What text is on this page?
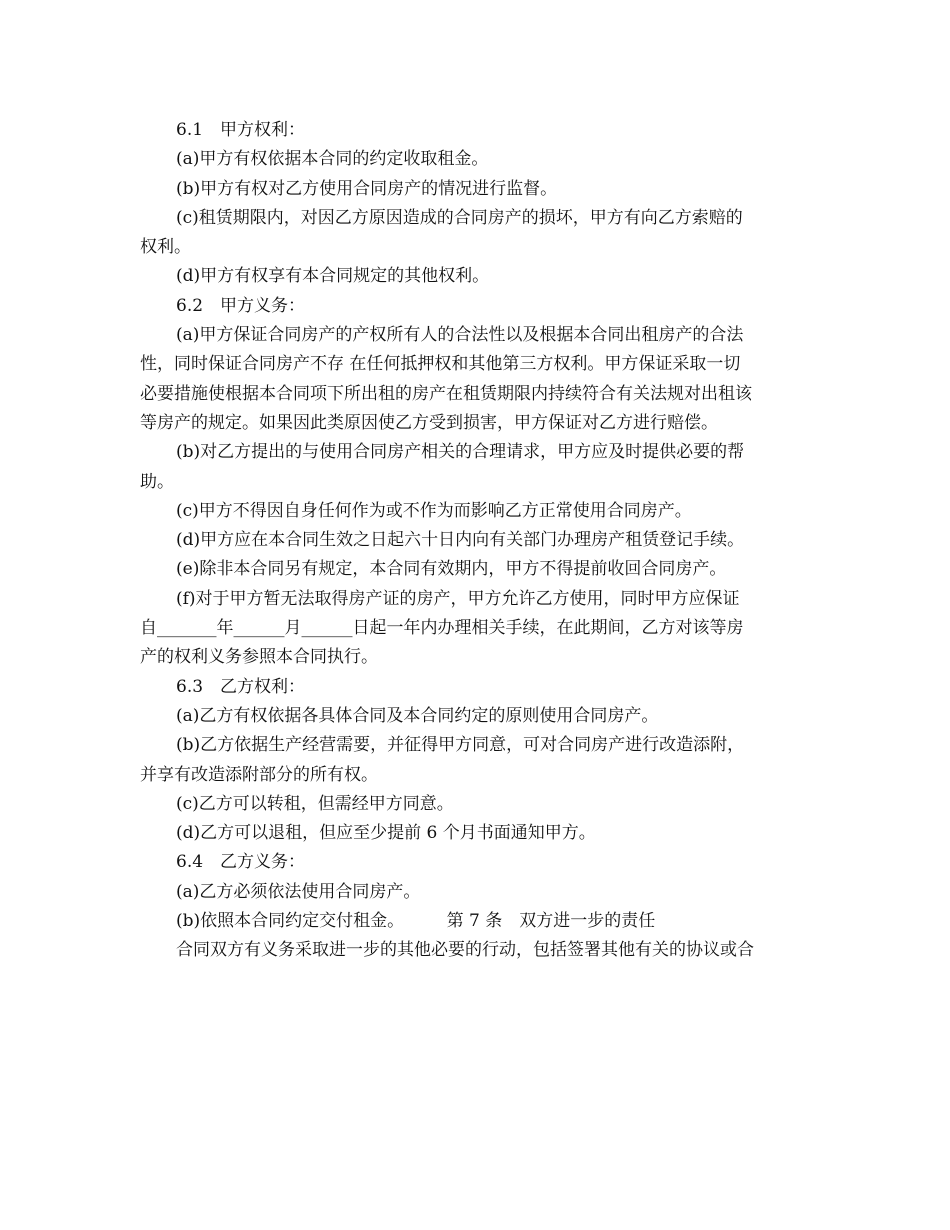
6.1　甲方权利：
(a)甲方有权依据本合同的约定收取租金。
(b)甲方有权对乙方使用合同房产的情况进行监督。
(c)租赁期限内，对因乙方原因造成的合同房产的损坏，甲方有向乙方索赔的
权利。
(d)甲方有权享有本合同规定的其他权利。
6.2　甲方义务：
(a)甲方保证合同房产的产权所有人的合法性以及根据本合同出租房产的合法
性，同时保证合同房产不存 在任何抵押权和其他第三方权利。甲方保证采取一切
必要措施使根据本合同项下所出租的房产在租赁期限内持续符合有关法规对出租该
等房产的规定。如果因此类原因使乙方受到损害，甲方保证对乙方进行赔偿。
(b)对乙方提出的与使用合同房产相关的合理请求，甲方应及时提供必要的帮
助。
(c)甲方不得因自身任何作为或不作为而影响乙方正常使用合同房产。
(d)甲方应在本合同生效之日起六十日内向有关部门办理房产租赁登记手续。
(e)除非本合同另有规定，本合同有效期内，甲方不得提前收回合同房产。
(f)对于甲方暂无法取得房产证的房产，甲方允许乙方使用，同时甲方应保证
自_______年______月______日起一年内办理相关手续，在此期间，乙方对该等房
产的权利义务参照本合同执行。
6.3　乙方权利：
(a)乙方有权依据各具体合同及本合同约定的原则使用合同房产。
(b)乙方依据生产经营需要，并征得甲方同意，可对合同房产进行改造添附，
并享有改造添附部分的所有权。
(c)乙方可以转租，但需经甲方同意。
(d)乙方可以退租，但应至少提前 6 个月书面通知甲方。
6.4　乙方义务：
(a)乙方必须依法使用合同房产。
(b)依照本合同约定交付租金。　　　第 7 条　双方进一步的责任
合同双方有义务采取进一步的其他必要的行动，包括签署其他有关的协议或合
